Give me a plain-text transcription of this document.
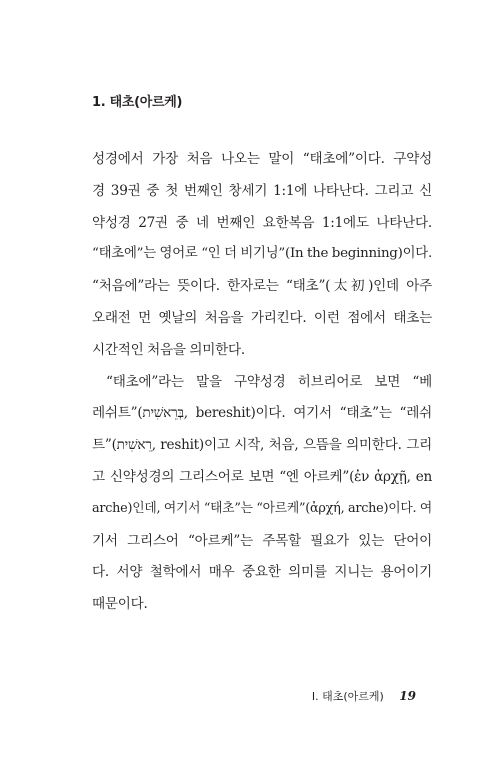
1. 태초(아르케)
성경에서 가장 처음 나오는 말이 “태초에”이다. 구약성
경 39권 중 첫 번째인 창세기 1:1에 나타난다. 그리고 신
약성경 27권 중 네 번째인 요한복음 1:1에도 나타난다.
“태초에”는 영어로 “인 더 비기닝”(In the beginning)이다.
“처음에”라는 뜻이다. 한자로는 “태초”(太初)인데 아주
오래전 먼 옛날의 처음을 가리킨다. 이런 점에서 태초는
시간적인 처음을 의미한다.
“태초에”라는 말을 구약성경 히브리어로 보면 “베
레쉬트”(בְּרֵאשִׁית, bereshit)이다. 여기서 “태초”는 “레쉬
트”(רֵאשִׁית, reshit)이고 시작, 처음, 으뜸을 의미한다. 그리
고 신약성경의 그리스어로 보면 “엔 아르케”(ἐν ἀρχῇ, en
arche)인데, 여기서 “태초”는 “아르케”(ἀρχή, arche)이다. 여
기서 그리스어 “아르케”는 주목할 필요가 있는 단어이
다. 서양 철학에서 매우 중요한 의미를 지니는 용어이기
때문이다.
I. 태초(아르케) 19
